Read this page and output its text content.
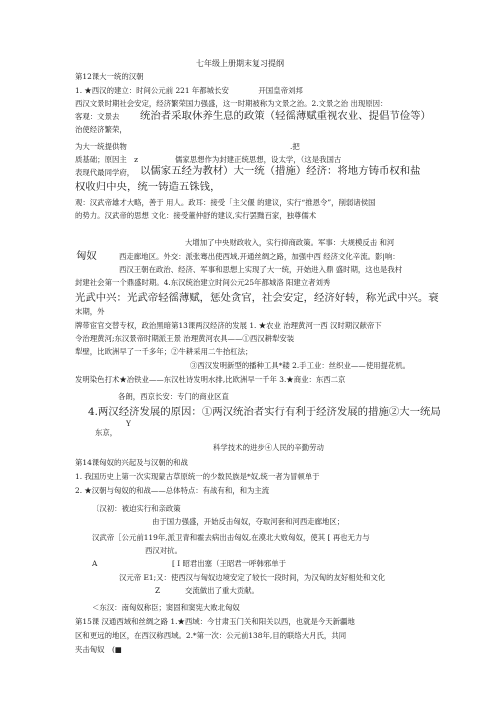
七年级上册期末复习提纲
第12课大一统的汉朝
1. ★西汉的建立：时间公元前 221 年都城长安　　　　开国皇帝刘邦
西汉文景时期社会安定，经济繁荣国力强盛，这一时期被称为文景之治。2.文景之治 出现原因：
客观：文景去 统治者采取休养生息的政策（轻徭薄赋重视农业、提倡节俭等）
治使经济繁荣，
为大一统提供物	.把
质基础；原因主　z　　　　　儒家思想作为封建正统思想，设太学，（这是我国古
表现代最同学府， 以儒家五经为教材）大一统（措施）经济：将地方铸币权和盐
权收归中央，统一铸造五铢钱，
观：汉武帝雄才大略，善于 用人。政耳：接受「主父偃 的建议，实行“推恩令”，削弱诸侯国
的势力。汉武帝的思想 文化：接受董仲舒的建议,实行罢黜百家，独尊儒术
大增加了中央财政收入，实行抑商政策。军事：大规模反击 和河
匈奴	西走廊地区。外交：派张骞出使西域,开通丝绸之路，加强中西 经济文化辛流。影|响：
西汉王朝在政治、经济、军事和思想上实现了大一统，开始进入鼎 盛时期，这也是我村
封建社会第一个鼎盛时期。4.东汉统治建立时间公元25年都城洛 阳建立者刘秀
光武中兴：光武帝轻徭薄赋，惩处贪官，社会安定，经济好转，称光武中兴。衰
末期，外
牌带宦官交替专权，政治黑暗第13课两汉经济的发展 1. ★农业 治理黄河一西 汉时期汉献帝下
令治理黄河;东汉景帝时期派王景 治理黄河农具——①西汉耕犁安装
犁壁，比欧洲早了一千多年；②牛耕采用二牛抬杠法；
③西汉发明新型的播种工具*耧 2.手工业：丝织业——使用提花机。
发明染色打术★冶铁业——东汉杜诗发明水排,比欧洲早一千年 3.★商业：东西二京
各朗，西京长安：专门的商业区直
4.两汉经济发展的原因：①两汉统治者实行有利于经济发展的措施②大一统局
Y
东京，
科学技术的进步④人民的辛勤劳动
第14课匈奴的兴起及与汉朝的和战
1. 我国历史上第一次实现蒙古草原统一的少数民族是*奴,统一者为冒顿单于
2. ★汉朝与匈奴的和战——总体特点：有战有和，和为主流
〔汉初：被迫实行和亲政策
由于国力强盛，开始反击匈奴，夺取河套和河西走廊地区；
汉武帝［公元前119年,派卫青和霍去病出击匈奴,在漠北大败匈奴，使其 [ 再也无力与
西汉对抗。
A	[ I 昭君出塞（王昭君一呼韩邪单于
汉元帝 E1;又：使西汉与匈奴边境安定了较长一段时间，为汉匈的友好相处和文化
Z	交流做出了重大贡献。
＜东汉：南匈奴称臣；窦固和窦宪大败北匈奴
第15课 汉通西域和丝绸之路 1.★西域：今甘肃玉门关和阳关以西，也就是今天新疆地
区和更远的地区，在西汉称西域。2.*第一次：公元前138年,目的联络大月氏，共同
夹击匈奴　(■
